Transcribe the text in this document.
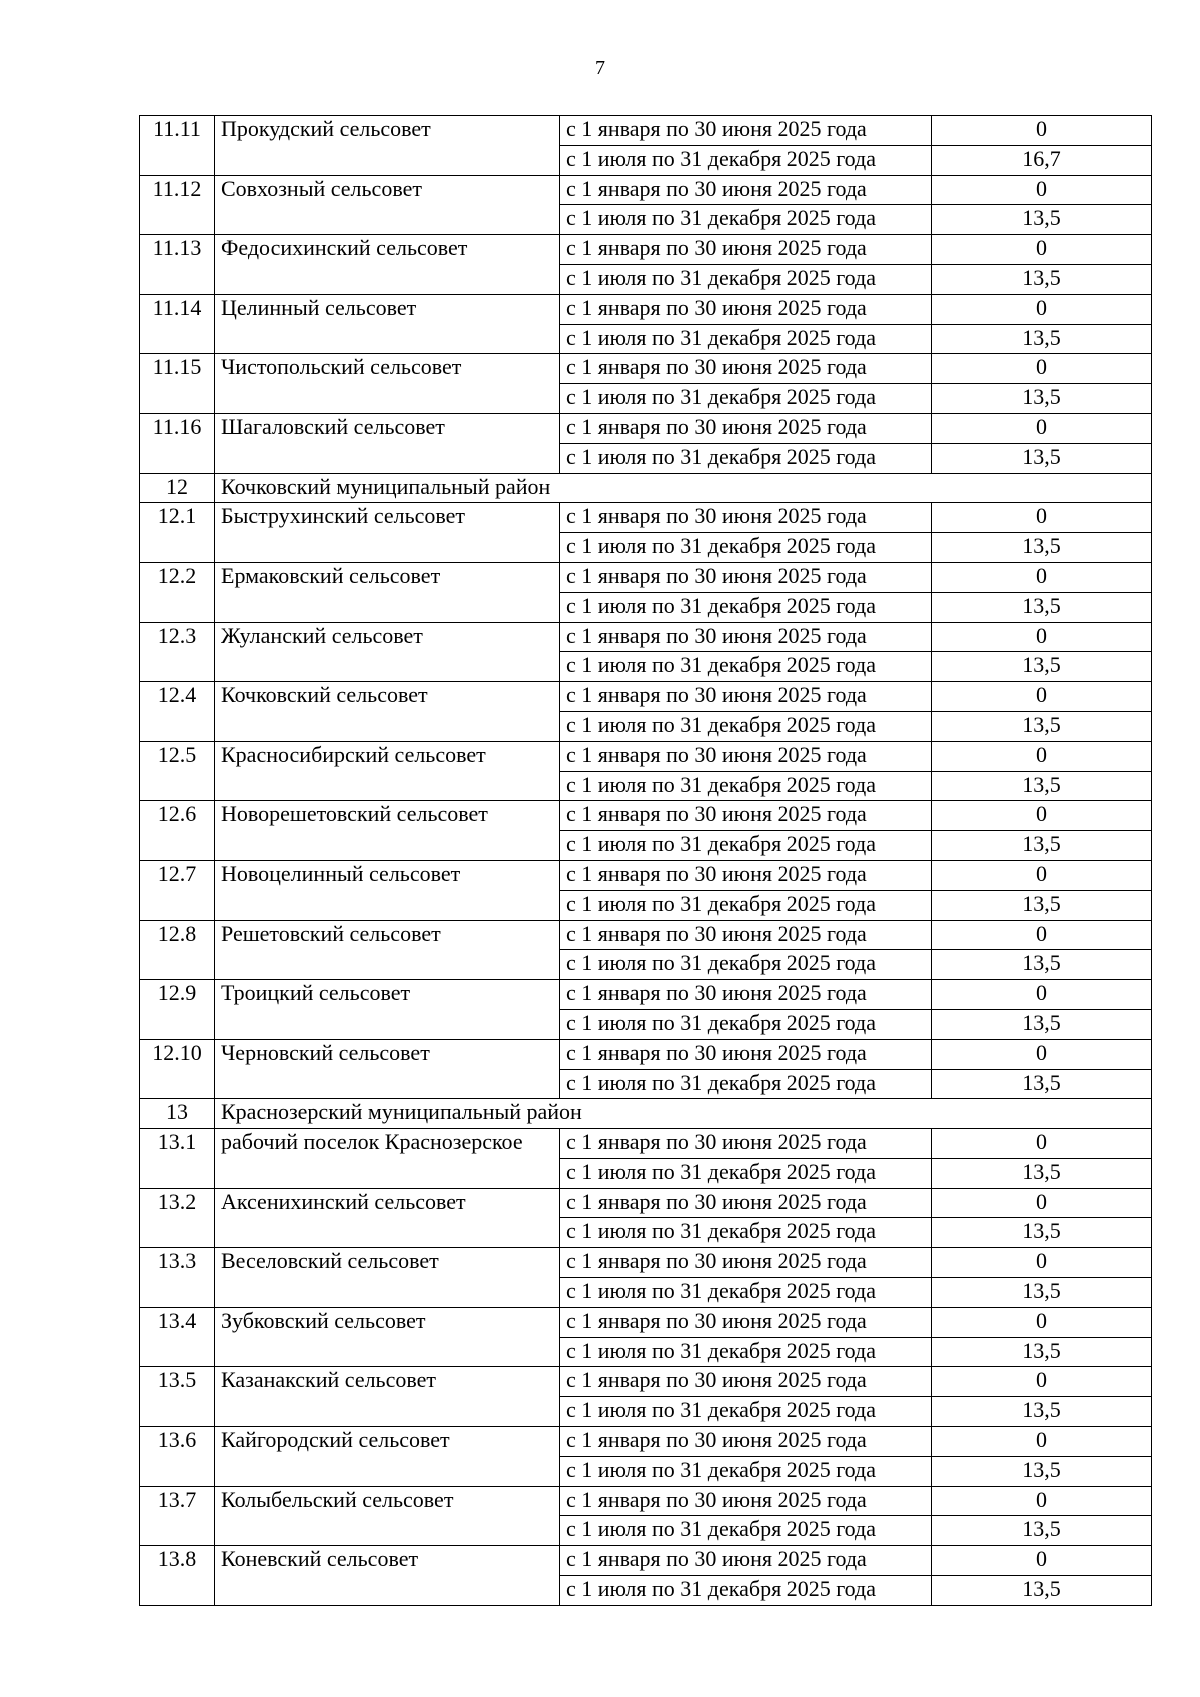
7
11.11	Прокудский сельсовет	с 1 января по 30 июня 2025 года	0
		с 1 июля по 31 декабря 2025 года	16,7
11.12	Совхозный сельсовет	с 1 января по 30 июня 2025 года	0
		с 1 июля по 31 декабря 2025 года	13,5
11.13	Федосихинский сельсовет	с 1 января по 30 июня 2025 года	0
		с 1 июля по 31 декабря 2025 года	13,5
11.14	Целинный сельсовет	с 1 января по 30 июня 2025 года	0
		с 1 июля по 31 декабря 2025 года	13,5
11.15	Чистопольский сельсовет	с 1 января по 30 июня 2025 года	0
		с 1 июля по 31 декабря 2025 года	13,5
11.16	Шагаловский сельсовет	с 1 января по 30 июня 2025 года	0
		с 1 июля по 31 декабря 2025 года	13,5
12	Кочковский муниципальный район		
12.1	Быструхинский сельсовет	с 1 января по 30 июня 2025 года	0
		с 1 июля по 31 декабря 2025 года	13,5
12.2	Ермаковский сельсовет	с 1 января по 30 июня 2025 года	0
		с 1 июля по 31 декабря 2025 года	13,5
12.3	Жуланский сельсовет	с 1 января по 30 июня 2025 года	0
		с 1 июля по 31 декабря 2025 года	13,5
12.4	Кочковский сельсовет	с 1 января по 30 июня 2025 года	0
		с 1 июля по 31 декабря 2025 года	13,5
12.5	Красносибирский сельсовет	с 1 января по 30 июня 2025 года	0
		с 1 июля по 31 декабря 2025 года	13,5
12.6	Новорешетовский сельсовет	с 1 января по 30 июня 2025 года	0
		с 1 июля по 31 декабря 2025 года	13,5
12.7	Новоцелинный сельсовет	с 1 января по 30 июня 2025 года	0
		с 1 июля по 31 декабря 2025 года	13,5
12.8	Решетовский сельсовет	с 1 января по 30 июня 2025 года	0
		с 1 июля по 31 декабря 2025 года	13,5
12.9	Троицкий сельсовет	с 1 января по 30 июня 2025 года	0
		с 1 июля по 31 декабря 2025 года	13,5
12.10	Черновский сельсовет	с 1 января по 30 июня 2025 года	0
		с 1 июля по 31 декабря 2025 года	13,5
13	Краснозерский муниципальный район		
13.1	рабочий поселок Краснозерское	с 1 января по 30 июня 2025 года	0
		с 1 июля по 31 декабря 2025 года	13,5
13.2	Аксенихинский сельсовет	с 1 января по 30 июня 2025 года	0
		с 1 июля по 31 декабря 2025 года	13,5
13.3	Веселовский сельсовет	с 1 января по 30 июня 2025 года	0
		с 1 июля по 31 декабря 2025 года	13,5
13.4	Зубковский сельсовет	с 1 января по 30 июня 2025 года	0
		с 1 июля по 31 декабря 2025 года	13,5
13.5	Казанакский сельсовет	с 1 января по 30 июня 2025 года	0
		с 1 июля по 31 декабря 2025 года	13,5
13.6	Кайгородский сельсовет	с 1 января по 30 июня 2025 года	0
		с 1 июля по 31 декабря 2025 года	13,5
13.7	Колыбельский сельсовет	с 1 января по 30 июня 2025 года	0
		с 1 июля по 31 декабря 2025 года	13,5
13.8	Коневский сельсовет	с 1 января по 30 июня 2025 года	0
		с 1 июля по 31 декабря 2025 года	13,5
